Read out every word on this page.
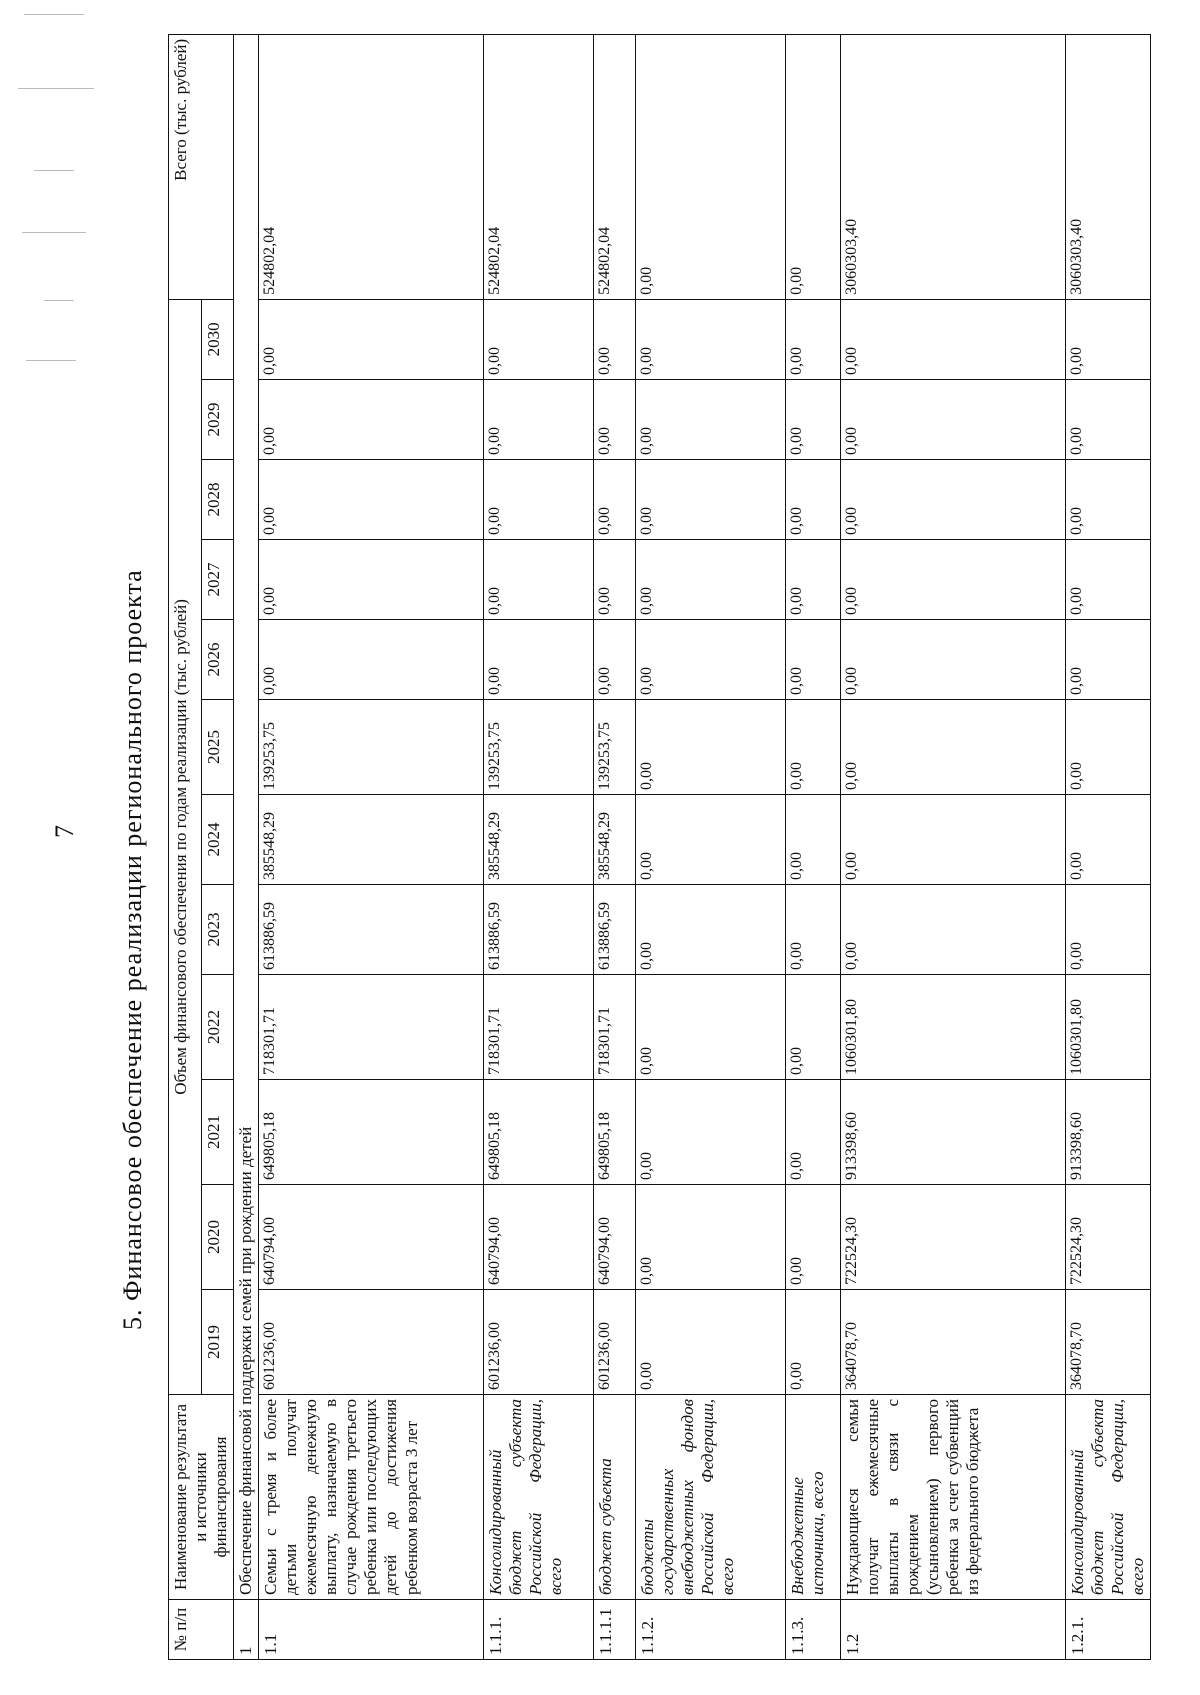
7 5. Финансовое обеспечение реализации регионального проекта
№ п/п	Наименование результата и источники финансирования	Объем финансового обеспечения по годам реализации (тыс. рублей)												Всего (тыс. рублей)
		2019	2020	2021	2022	2023	2024	2025	2026	2027	2028	2029	2030	
1	Обеспечение финансовой поддержки семей при рождении детей													
1.1	Семьи с тремя и более детьми получат ежемесячную денежную выплату, назначаемую в случае рождения третьего ребенка или последующих детей до достижения ребенком возраста 3 лет	601236,00	640794,00	649805,18	718301,71	613886,59	385548,29	139253,75	0,00	0,00	0,00	0,00	0,00	524802,04
1.1.1.	Консолидированный бюджет субъекта Российской Федерации, всего	601236,00	640794,00	649805,18	718301,71	613886,59	385548,29	139253,75	0,00	0,00	0,00	0,00	0,00	524802,04
1.1.1.1	бюджет субъекта	601236,00	640794,00	649805,18	718301,71	613886,59	385548,29	139253,75	0,00	0,00	0,00	0,00	0,00	524802,04
1.1.2.	бюджеты государственных внебюджетных фондов Российской Федерации, всего	0,00	0,00	0,00	0,00	0,00	0,00	0,00	0,00	0,00	0,00	0,00	0,00	0,00
1.1.3.	Внебюджетные источники, всего	0,00	0,00	0,00	0,00	0,00	0,00	0,00	0,00	0,00	0,00	0,00	0,00	0,00
1.2	Нуждающиеся семьи получат ежемесячные выплаты в связи с рождением (усыновлением) первого ребенка за счет субвенций из федерального бюджета	364078,70	722524,30	913398,60	1060301,80	0,00	0,00	0,00	0,00	0,00	0,00	0,00	0,00	3060303,40
1.2.1.	Консолидированный бюджет субъекта Российской Федерации, всего	364078,70	722524,30	913398,60	1060301,80	0,00	0,00	0,00	0,00	0,00	0,00	0,00	0,00	3060303,40
